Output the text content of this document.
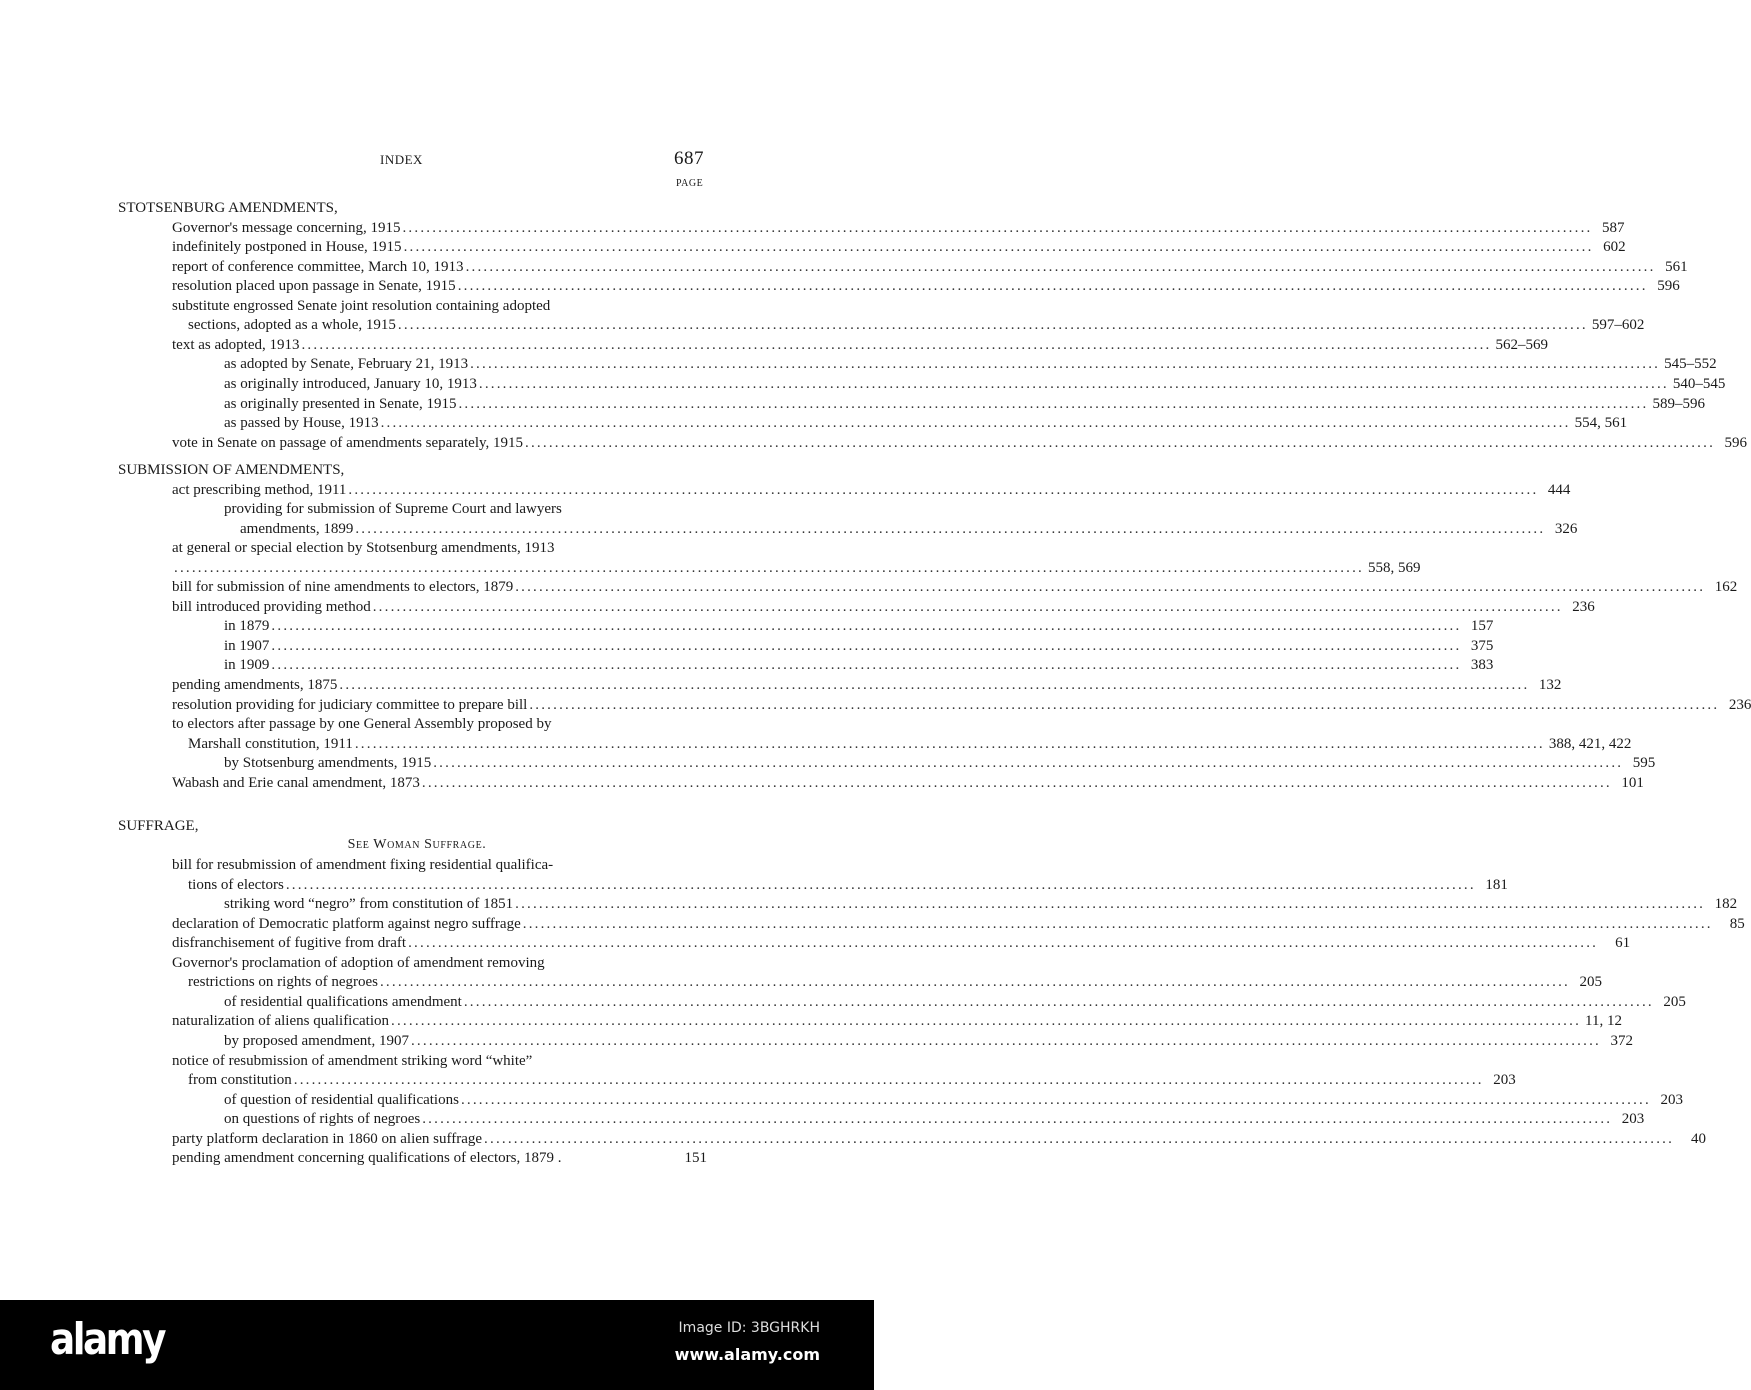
INDEX	687
PAGE
STOTSENBURG AMENDMENTS,
Governor's message concerning, 1915 ........................................................................................................................................................................................................ 587
indefinitely postponed in House, 1915 ........................................................................................................................................................................................................ 602
report of conference committee, March 10, 1913 ........................................................................................................................................................................................................ 561
resolution placed upon passage in Senate, 1915 ........................................................................................................................................................................................................ 596
substitute engrossed Senate joint resolution containing adopted
sections, adopted as a whole, 1915 ........................................................................................................................................................................................................ 597–602
text as adopted, 1913 ........................................................................................................................................................................................................ 562–569
as adopted by Senate, February 21, 1913 ........................................................................................................................................................................................................ 545–552
as originally introduced, January 10, 1913 ........................................................................................................................................................................................................ 540–545
as originally presented in Senate, 1915 ........................................................................................................................................................................................................ 589–596
as passed by House, 1913 ........................................................................................................................................................................................................ 554, 561
vote in Senate on passage of amendments separately, 1915 ........................................................................................................................................................................................................ 596
SUBMISSION OF AMENDMENTS,
act prescribing method, 1911 ........................................................................................................................................................................................................ 444
providing for submission of Supreme Court and lawyers
amendments, 1899 ........................................................................................................................................................................................................ 326
at general or special election by Stotsenburg amendments, 1913
........................................................................................................................................................................................................ 558, 569
bill for submission of nine amendments to electors, 1879 ........................................................................................................................................................................................................ 162
bill introduced providing method ........................................................................................................................................................................................................ 236
in 1879 ........................................................................................................................................................................................................ 157
in 1907 ........................................................................................................................................................................................................ 375
in 1909 ........................................................................................................................................................................................................ 383
pending amendments, 1875 ........................................................................................................................................................................................................ 132
resolution providing for judiciary committee to prepare bill ........................................................................................................................................................................................................ 236
to electors after passage by one General Assembly proposed by
Marshall constitution, 1911 ........................................................................................................................................................................................................ 388, 421, 422
by Stotsenburg amendments, 1915 ........................................................................................................................................................................................................ 595
Wabash and Erie canal amendment, 1873 ........................................................................................................................................................................................................ 101
SUFFRAGE,
bill for resubmission of amendment fixing residential qualifica-
tions of electors ........................................................................................................................................................................................................ 181
striking word “negro” from constitution of 1851 ........................................................................................................................................................................................................ 182
declaration of Democratic platform against negro suffrage ........................................................................................................................................................................................................	85
disfranchisement of fugitive from draft ........................................................................................................................................................................................................	61
Governor's proclamation of adoption of amendment removing
restrictions on rights of negroes ........................................................................................................................................................................................................ 205
of residential qualifications amendment ........................................................................................................................................................................................................ 205
naturalization of aliens qualification ........................................................................................................................................................................................................ 11, 12
by proposed amendment, 1907 ........................................................................................................................................................................................................ 372
notice of resubmission of amendment striking word “white”
from constitution ........................................................................................................................................................................................................ 203
of question of residential qualifications ........................................................................................................................................................................................................ 203
on questions of rights of negroes ........................................................................................................................................................................................................ 203
party platform declaration in 1860 on alien suffrage ........................................................................................................................................................................................................	40
pending amendment concerning qualifications of electors, 1879 .	151
See Woman Suffrage.
alamy	Image ID: 3BGHRKH
www.alamy.com
